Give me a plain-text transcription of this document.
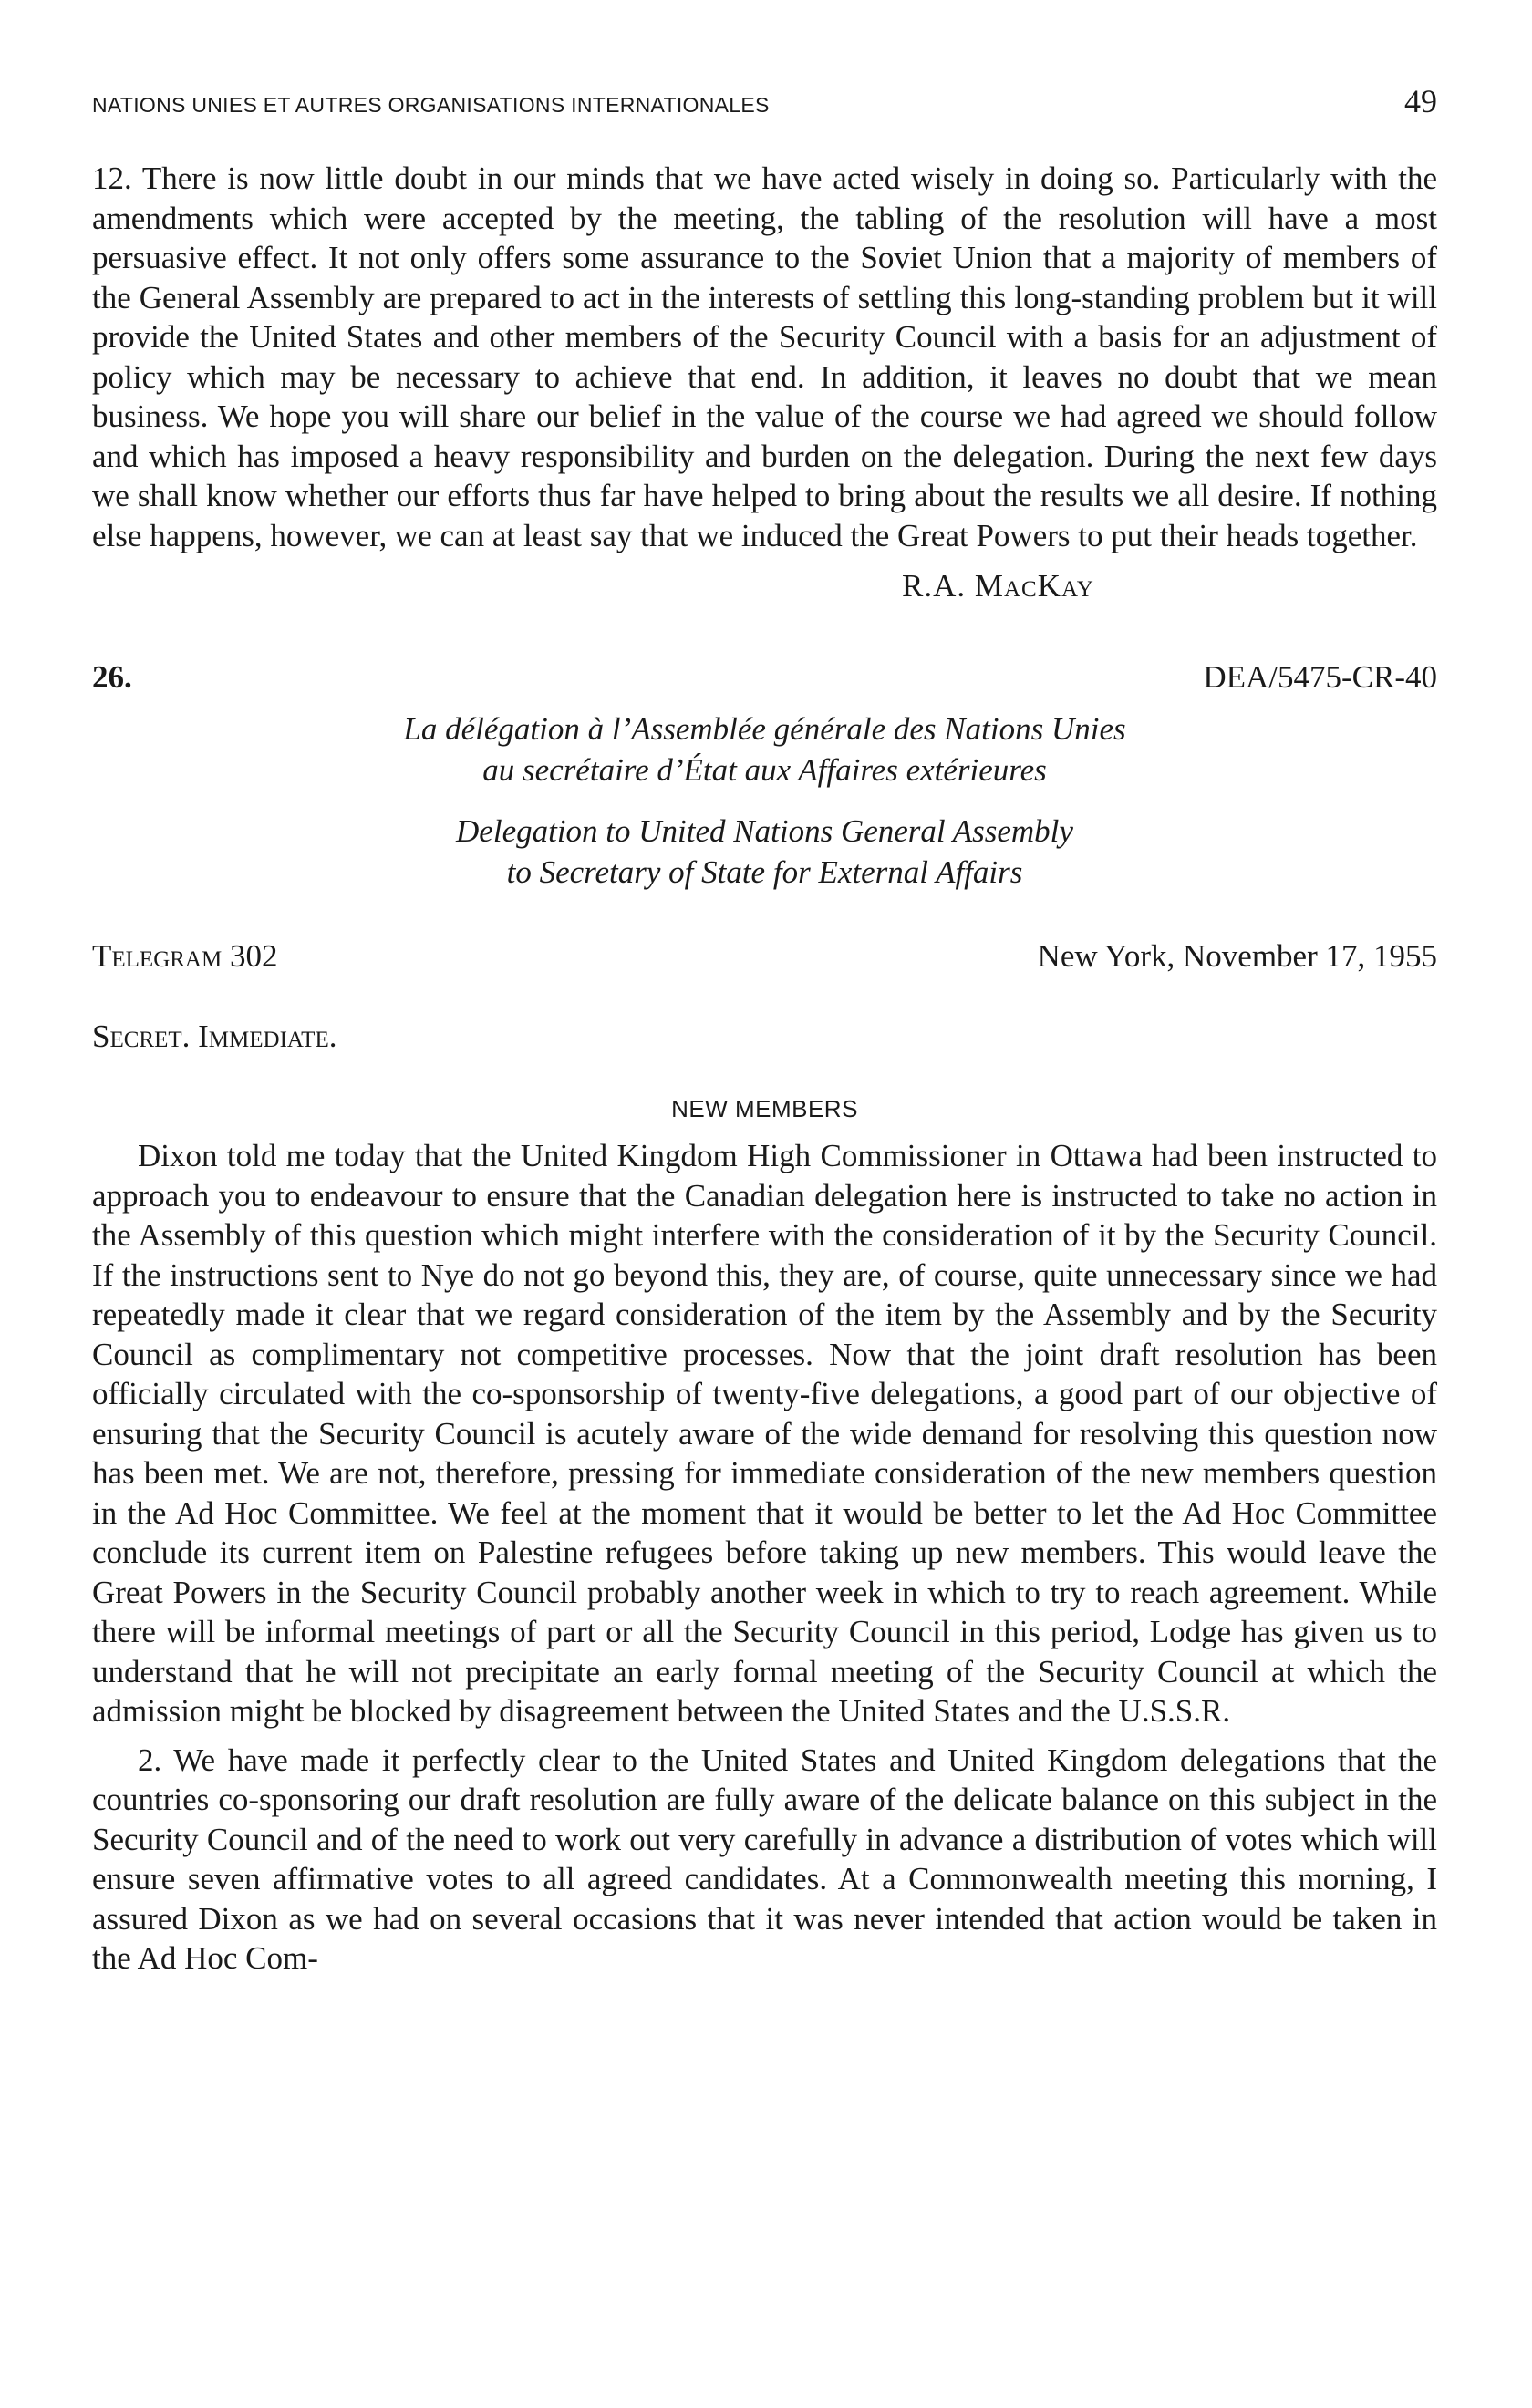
NATIONS UNIES ET AUTRES ORGANISATIONS INTERNATIONALES	49

12. There is now little doubt in our minds that we have acted wisely in doing so. Particularly with the amendments which were accepted by the meeting, the tabling of the resolution will have a most persuasive effect. It not only offers some assurance to the Soviet Union that a majority of members of the General Assembly are prepared to act in the interests of settling this long-standing problem but it will provide the United States and other members of the Security Council with a basis for an adjustment of policy which may be necessary to achieve that end. In addition, it leaves no doubt that we mean business. We hope you will share our belief in the value of the course we had agreed we should follow and which has imposed a heavy responsibility and burden on the delegation. During the next few days we shall know whether our efforts thus far have helped to bring about the results we all desire. If nothing else happens, however, we can at least say that we induced the Great Powers to put their heads together.

R.A. MacKay
26.	DEA/5475-CR-40
La délégation à l’Assemblée générale des Nations Unies
au secrétaire d’État aux Affaires extérieures
Delegation to United Nations General Assembly
to Secretary of State for External Affairs
Telegram 302	New York, November 17, 1955
Secret. Immediate.
NEW MEMBERS

Dixon told me today that the United Kingdom High Commissioner in Ottawa had been instructed to approach you to endeavour to ensure that the Canadian delegation here is instructed to take no action in the Assembly of this question which might interfere with the consideration of it by the Security Council. If the instructions sent to Nye do not go beyond this, they are, of course, quite unnecessary since we had repeatedly made it clear that we regard consideration of the item by the Assembly and by the Security Council as complimentary not competitive processes. Now that the joint draft resolution has been officially circulated with the co-sponsorship of twenty-five delegations, a good part of our objective of ensuring that the Security Council is acutely aware of the wide demand for resolving this question now has been met. We are not, therefore, pressing for immediate consideration of the new members question in the Ad Hoc Committee. We feel at the moment that it would be better to let the Ad Hoc Committee conclude its current item on Palestine refugees before taking up new members. This would leave the Great Powers in the Security Council probably another week in which to try to reach agreement. While there will be informal meetings of part or all the Security Council in this period, Lodge has given us to understand that he will not precipitate an early formal meeting of the Security Council at which the admission might be blocked by disagreement between the United States and the U.S.S.R.

2. We have made it perfectly clear to the United States and United Kingdom delegations that the countries co-sponsoring our draft resolution are fully aware of the delicate balance on this subject in the Security Council and of the need to work out very carefully in advance a distribution of votes which will ensure seven affirmative votes to all agreed candidates. At a Commonwealth meeting this morning, I assured Dixon as we had on several occasions that it was never intended that action would be taken in the Ad Hoc Com-
